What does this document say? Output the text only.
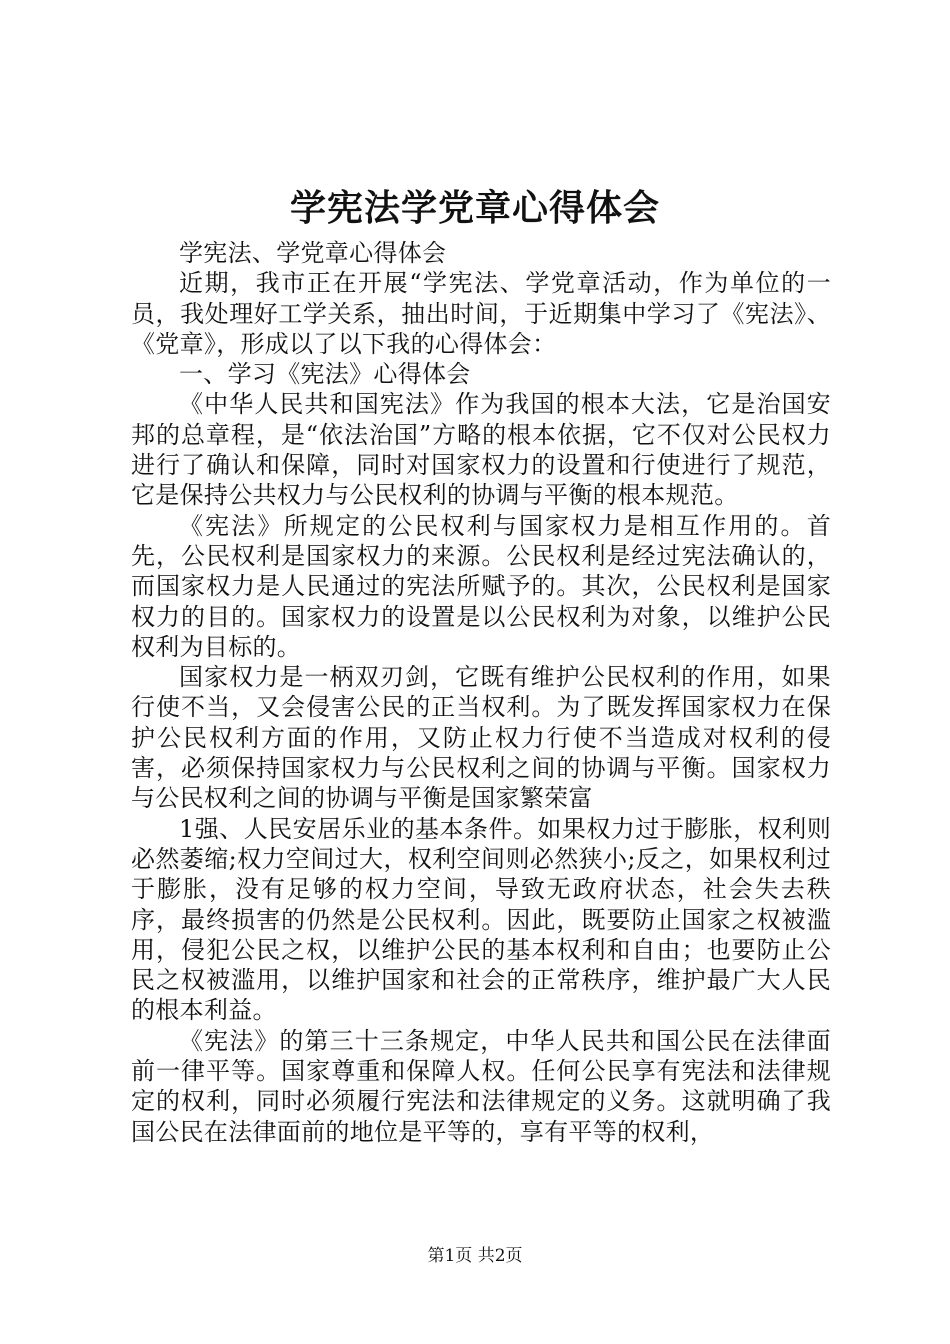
学宪法学党章心得体会

学宪法、学党章心得体会

近期，我市正在开展“学宪法、学党章活动，作为单位的一员，我处理好工学关系，抽出时间，于近期集中学习了《宪法》、《党章》，形成以了以下我的心得体会：

一、学习《宪法》心得体会

《中华人民共和国宪法》作为我国的根本大法，它是治国安邦的总章程，是“依法治国”方略的根本依据，它不仅对公民权力进行了确认和保障，同时对国家权力的设置和行使进行了规范，它是保持公共权力与公民权利的协调与平衡的根本规范。

《宪法》所规定的公民权利与国家权力是相互作用的。首先，公民权利是国家权力的来源。公民权利是经过宪法确认的，而国家权力是人民通过的宪法所赋予的。其次，公民权利是国家权力的目的。国家权力的设置是以公民权利为对象，以维护公民权利为目标的。

国家权力是一柄双刃剑，它既有维护公民权利的作用，如果行使不当，又会侵害公民的正当权利。为了既发挥国家权力在保护公民权利方面的作用，又防止权力行使不当造成对权利的侵害，必须保持国家权力与公民权利之间的协调与平衡。国家权力与公民权利之间的协调与平衡是国家繁荣富

1强、人民安居乐业的基本条件。如果权力过于膨胀，权利则必然萎缩;权力空间过大，权利空间则必然狭小;反之，如果权利过于膨胀，没有足够的权力空间，导致无政府状态，社会失去秩序，最终损害的仍然是公民权利。因此，既要防止国家之权被滥用，侵犯公民之权，以维护公民的基本权利和自由；也要防止公民之权被滥用，以维护国家和社会的正常秩序，维护最广大人民的根本利益。

《宪法》的第三十三条规定，中华人民共和国公民在法律面前一律平等。国家尊重和保障人权。任何公民享有宪法和法律规定的权利，同时必须履行宪法和法律规定的义务。这就明确了我国公民在法律面前的地位是平等的，享有平等的权利，

第1页 共2页
